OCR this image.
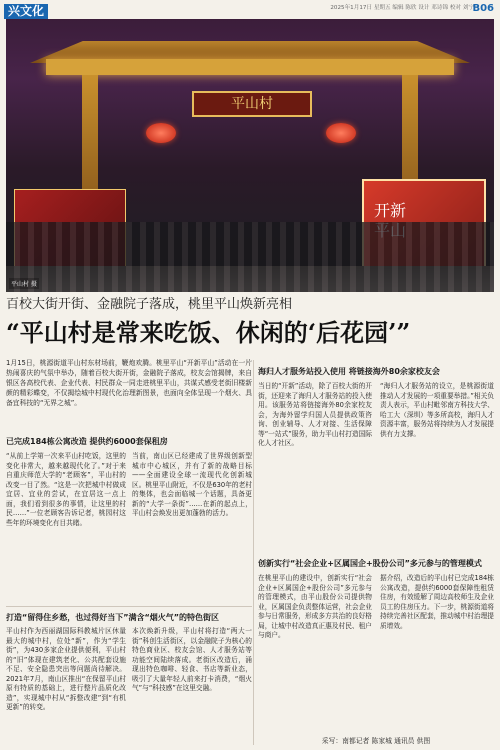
兴文化	2025年1月17日 星期五 编辑 陈欣 设计 邓诗锦 校对 刘宁
B06
平山村
开新

平山村 摄
百校大街开街、金融院子落成，桃里平山焕新亮相
“平山村是常来吃饭、休闲的‘后花园’”
1月15日，桃源街道平山村东材场前，鞭炮欢腾。桃里平山“开新平山”活动在一片热闹喜庆的气氛中举办，随着百校大街开街，金融院子落成，校友会馆揭牌，来自银区各高校代表、企业代表、村民群众一同走进桃里平山，共谋式感受老街旧楼新颜的精彩蝶变，不仅揭绘城中村现代化治理新图景，也面向全体呈现一个烟火、具备宜科技的“无界之城”。
已完成184栋公寓改造 提供约6000套保租房
“从前上学第一次来平山村吃饭，这里的变化非常大，越来越现代化了。”对于来自重庆师范大学的“老顾客”，平山村的改变一目了然。“这是一次把城中村做成宜居、宜业的尝试，在宜居这一点上面，我们看到很多的事情，让这里的村民……”一位老顾客告诉记者，桃园村这些年的环境变化有目共睹。
当前，南山区已经建成了世界级创新型城市中心城区，并有了新的战略目标——全面建设全球一流现代化创新城区。桃里平山附近，不仅是630年的老村的集体，也会面临城一个话题，具备更新的“大学一条街”……在新的起点上，平山村会焕发出更加蓬勃的活力。
打造“留得住乡愁，也过得好当下”满含“烟火气”的特色街区
平山村作为西丽湖国际科教城片区休量最大的城中村，位处“新”，作为“学生街”，为430多家企业提供便利，平山村的“旧”体现在建筑老化、公共配套设施不足、安全隐患突出等问题尚待解决。2021年7月，南山区推出“在保留平山村原有特质的基础上，进行整片品质化改造”，实现城中村从“拆整改建”到“有机更新”的转变。
本次焕新升级，平山村将打造“两大一街”科创生活街区，以金融院子为核心的特色商业区、校友会馆、人才服务站等功能空间陆续落成。老街区改造后，涌现出特色咖啡、轻食、书店等新业态，吸引了大量年轻人前来打卡消费，“烟火气”与“科技感”在这里交融。
海归人才服务站投入使用 将链接海外80余家校友会
当日的“开新”活动，除了百校大街的开街，还迎来了海归人才服务站的投入使用。该服务站将链接海外80余家校友会，为海外留学归国人员提供政策咨询、创业辅导、人才对接、生活保障等“一站式”服务，助力平山村打造国际化人才社区。
“海归人才服务站的设立，是桃源街道推动人才发展的一项重要举措。”相关负责人表示，平山村毗邻南方科技大学、哈工大（深圳）等多所高校，海归人才资源丰富，服务站将持续为人才发展提供有力支撑。
创新实行“社会企业+区属国企+股份公司”多元参与的管理模式
在桃里平山的建设中，创新实行“社会企业+区属国企+股份公司”多元参与的管理模式，由平山股份公司提供物业，区属国企负责整体运营，社会企业参与日常服务，形成多方共治的良好格局，让城中村改造真正惠及村民、租户与商户。
据介绍，改造后的平山村已完成184栋公寓改造，提供约6000套保障性租赁住房，有效缓解了周边高校师生及企业员工的住房压力。下一步，桃源街道将持续完善社区配套，推动城中村治理提质增效。
采写：南都记者 陈家城 通讯员 供图
